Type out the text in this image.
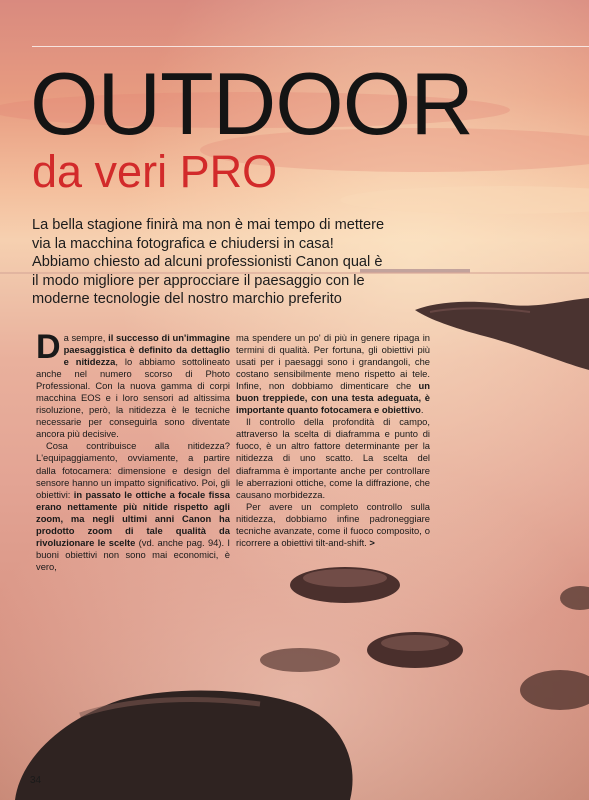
OUTDOOR
da veri PRO

La bella stagione finirà ma non è mai tempo di mettere via la macchina fotografica e chiudersi in casa! Abbiamo chiesto ad alcuni professionisti Canon qual è il modo migliore per approcciare il paesaggio con le moderne tecnologie del nostro marchio preferito

Da sempre, il successo di un'immagine paesaggistica è definito da dettaglio e nitidezza, lo abbiamo sottolineato anche nel numero scorso di Photo Professional. Con la nuova gamma di corpi macchina EOS e i loro sensori ad altissima risoluzione, però, la nitidezza è le tecniche necessarie per conseguirla sono diventate ancora più decisive.

Cosa contribuisce alla nitidezza? L'equipaggiamento, ovviamente, a partire dalla fotocamera: dimensione e design del sensore hanno un impatto significativo. Poi, gli obiettivi: in passato le ottiche a focale fissa erano nettamente più nitide rispetto agli zoom, ma negli ultimi anni Canon ha prodotto zoom di tale qualità da rivoluzionare le scelte (vd. anche pag. 94). I buoni obiettivi non sono mai economici, è vero,

ma spendere un po' di più in genere ripaga in termini di qualità. Per fortuna, gli obiettivi più usati per i paesaggi sono i grandangoli, che costano sensibilmente meno rispetto ai tele. Infine, non dobbiamo dimenticare che un buon treppiede, con una testa adeguata, è importante quanto fotocamera e obiettivo.

Il controllo della profondità di campo, attraverso la scelta di diaframma e punto di fuoco, è un altro fattore determinante per la nitidezza di uno scatto. La scelta del diaframma è importante anche per controllare le aberrazioni ottiche, come la diffrazione, che causano morbidezza.

Per avere un completo controllo sulla nitidezza, dobbiamo infine padroneggiare tecniche avanzate, come il fuoco composito, o ricorrere a obiettivi tilt-and-shift. >

34
